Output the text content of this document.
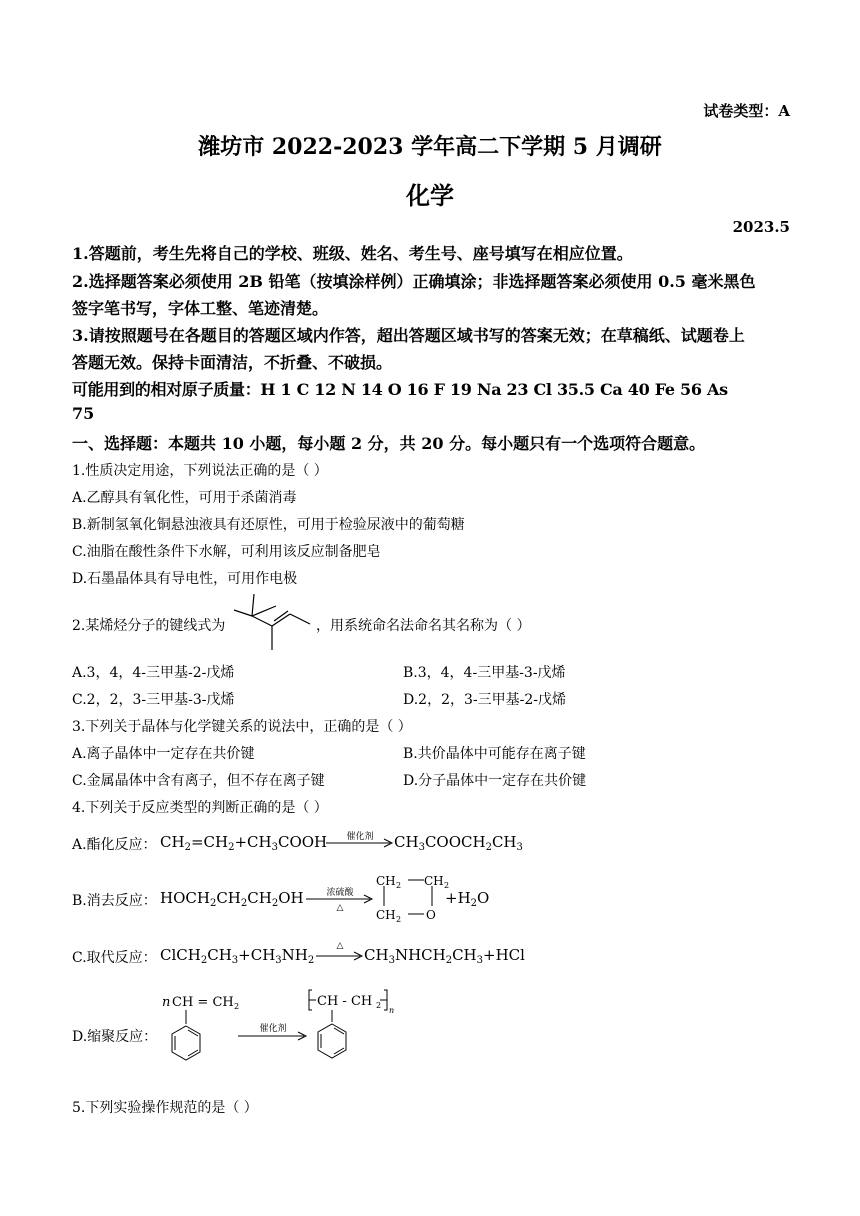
试卷类型：A
潍坊市 2022-2023 学年高二下学期 5 月调研
化学
2023.5
1.答题前，考生先将自己的学校、班级、姓名、考生号、座号填写在相应位置。
2.选择题答案必须使用 2B 铅笔（按填涂样例）正确填涂；非选择题答案必须使用 0.5 毫米黑色
签字笔书写，字体工整、笔迹清楚。
3.请按照题号在各题目的答题区域内作答，超出答题区域书写的答案无效；在草稿纸、试题卷上
答题无效。保持卡面清洁，不折叠、不破损。
可能用到的相对原子质量：H 1 C 12 N 14 O 16 F 19 Na 23 Cl 35.5 Ca 40 Fe 56 As
75
一、选择题：本题共 10 小题，每小题 2 分，共 20 分。每小题只有一个选项符合题意。
1.性质决定用途，下列说法正确的是（ ）
A.乙醇具有氧化性，可用于杀菌消毒
B.新制氢氧化铜悬浊液具有还原性，可用于检验尿液中的葡萄糖
C.油脂在酸性条件下水解，可利用该反应制备肥皂
D.石墨晶体具有导电性，可用作电极
2.某烯烃分子的键线式为	，用系统命名法命名其名称为（ ）
A.3，4，4-三甲基-2-戊烯	B.3，4，4-三甲基-3-戊烯
C.2，2，3-三甲基-3-戊烯	D.2，2，3-三甲基-2-戊烯
3.下列关于晶体与化学键关系的说法中，正确的是（ ）
A.离子晶体中一定存在共价键	B.共价晶体中可能存在离子键
C.金属晶体中含有离子，但不存在离子键	D.分子晶体中一定存在共价键
4.下列关于反应类型的判断正确的是（ ）
A.酯化反应： $CH_2=CH_2+CH_3COOH$	催化剂	$CH_3COOCH_2CH_3$
B.消去反应： $HOCH_2CH_2CH_2OH$	浓硫酸
△
CH 2 CH 2
CH 2 O
$+H_2O$
C.取代反应： $ClCH_2CH_3+CH_3NH_2$
△	$CH_3NHCH_2CH_3+HCl$
D.缩聚反应：
n CH = CH 2
催化剂
CH - CH 2
n
5.下列实验操作规范的是（ ）
